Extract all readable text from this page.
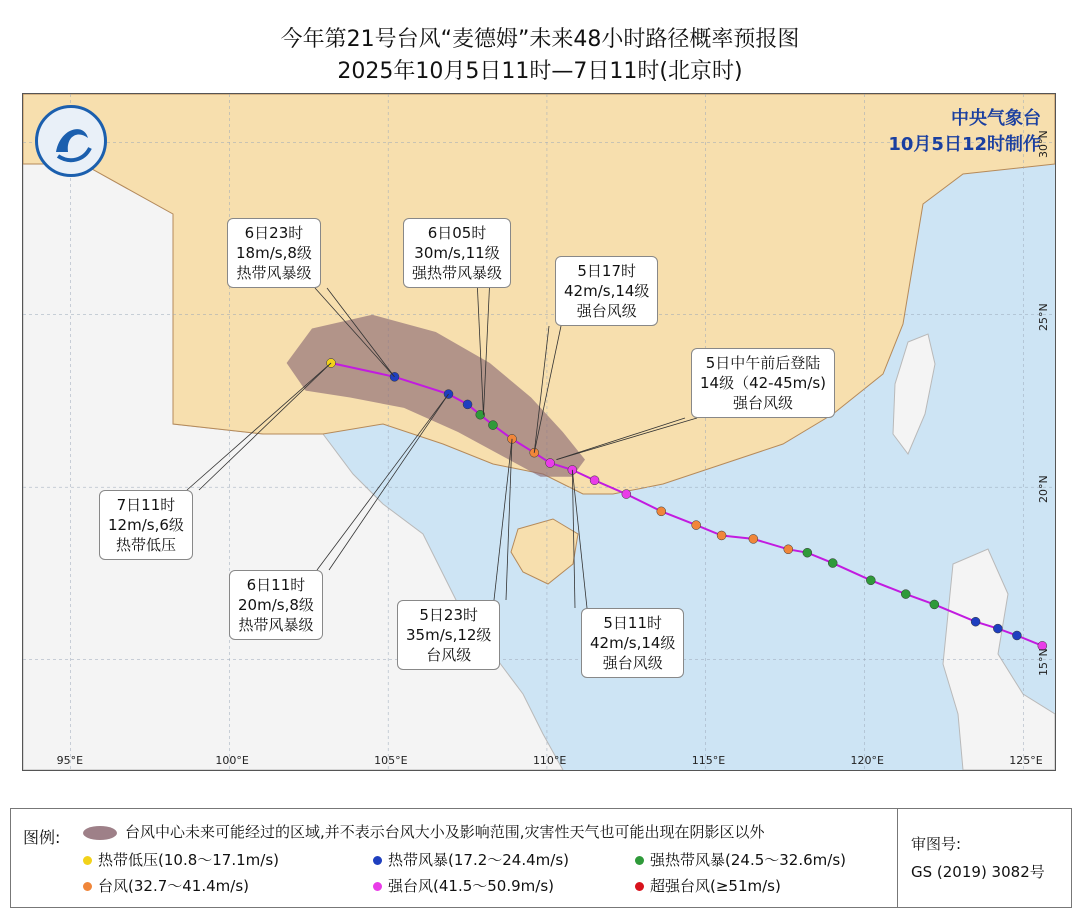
今年第21号台风“麦德姆”未来48小时路径概率预报图
2025年10月5日11时—7日11时(北京时)
中央气象台
10月5日12时制作
95°E	100°E	105°E	110°E	115°E	120°E	125°E
15°N
20°N
25°N
30°N
6日23时
18m/s,8级
热带风暴级
6日05时
30m/s,11级
强热带风暴级	5日17时
42m/s,14级
强台风级
5日中午前后登陆
14级（42-45m/s)
强台风级
7日11时
12m/s,6级
热带低压
6日11时
20m/s,8级
热带风暴级
5日23时
35m/s,12级
台风级
5日11时
42m/s,14级
强台风级
图例:	台风中心未来可能经过的区域,并不表示台风大小及影响范围,灾害性天气也可能出现在阴影区以外
热带低压(10.8～17.1m/s)	热带风暴(17.2～24.4m/s)	强热带风暴(24.5～32.6m/s)
台风(32.7～41.4m/s)	强台风(41.5～50.9m/s)	超强台风(≥51m/s)
审图号:
GS (2019) 3082号
